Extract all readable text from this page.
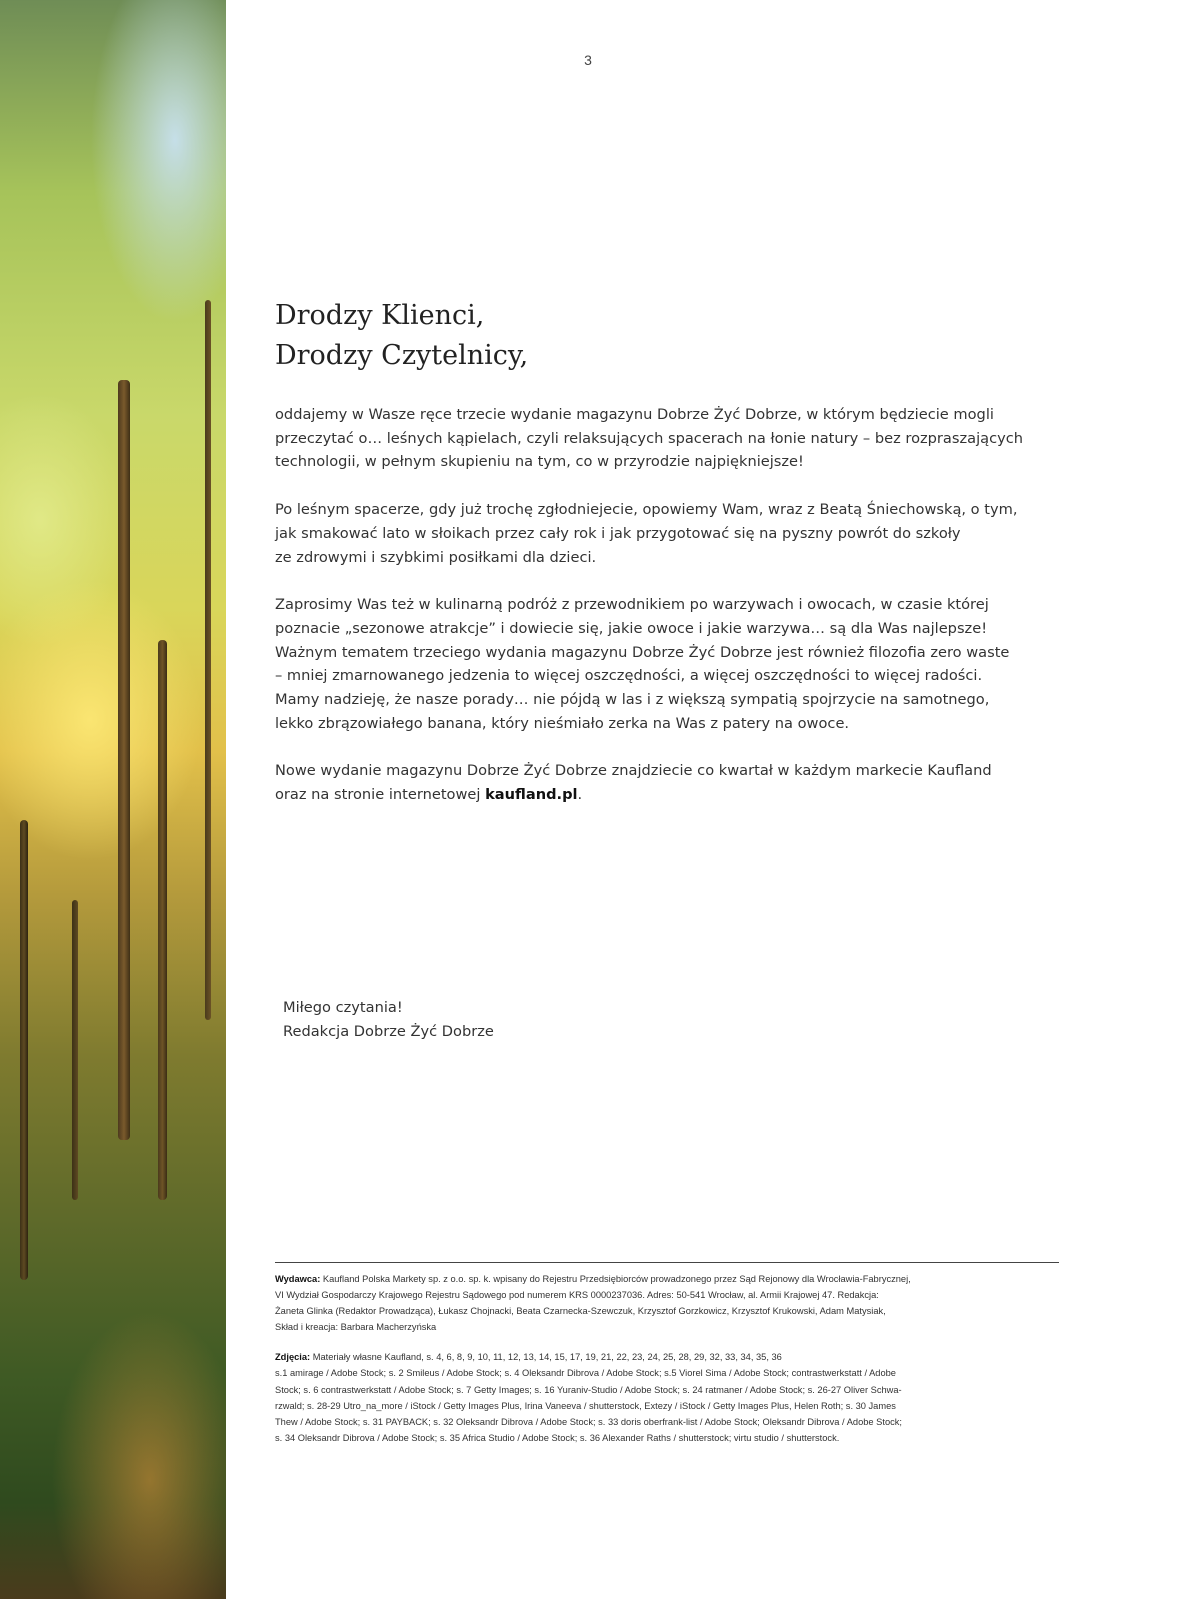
3
Drodzy Klienci,
Drodzy Czytelnicy,

oddajemy w Wasze ręce trzecie wydanie magazynu Dobrze Żyć Dobrze, w którym będziecie mogli
przeczytać o… leśnych kąpielach, czyli relaksujących spacerach na łonie natury – bez rozpraszających
technologii, w pełnym skupieniu na tym, co w przyrodzie najpiękniejsze!

Po leśnym spacerze, gdy już trochę zgłodniejecie, opowiemy Wam, wraz z Beatą Śniechowską, o tym,
jak smakować lato w słoikach przez cały rok i jak przygotować się na pyszny powrót do szkoły
ze zdrowymi i szybkimi posiłkami dla dzieci.

Zaprosimy Was też w kulinarną podróż z przewodnikiem po warzywach i owocach, w czasie której
poznacie „sezonowe atrakcje” i dowiecie się, jakie owoce i jakie warzywa… są dla Was najlepsze!
Ważnym tematem trzeciego wydania magazynu Dobrze Żyć Dobrze jest również filozofia zero waste
– mniej zmarnowanego jedzenia to więcej oszczędności, a więcej oszczędności to więcej radości.
Mamy nadzieję, że nasze porady… nie pójdą w las i z większą sympatią spojrzycie na samotnego,
lekko zbrązowiałego banana, który nieśmiało zerka na Was z patery na owoce.

Nowe wydanie magazynu Dobrze Żyć Dobrze znajdziecie co kwartał w każdym markecie Kaufland
oraz na stronie internetowej kaufland.pl.

Miłego czytania!
Redakcja Dobrze Żyć Dobrze
Wydawca: Kaufland Polska Markety sp. z o.o. sp. k. wpisany do Rejestru Przedsiębiorców prowadzonego przez Sąd Rejonowy dla Wrocławia-Fabrycznej,
VI Wydział Gospodarczy Krajowego Rejestru Sądowego pod numerem KRS 0000237036. Adres: 50-541 Wrocław, al. Armii Krajowej 47. Redakcja:
Żaneta Glinka (Redaktor Prowadząca), Łukasz Chojnacki, Beata Czarnecka-Szewczuk, Krzysztof Gorzkowicz, Krzysztof Krukowski, Adam Matysiak,
Skład i kreacja: Barbara Macherzyńska
Zdjęcia: Materiały własne Kaufland, s. 4, 6, 8, 9, 10, 11, 12, 13, 14, 15, 17, 19, 21, 22, 23, 24, 25, 28, 29, 32, 33, 34, 35, 36
s.1 amirage / Adobe Stock; s. 2 Smileus / Adobe Stock; s. 4 Oleksandr Dibrova / Adobe Stock; s.5 Viorel Sima / Adobe Stock; contrastwerkstatt / Adobe
Stock; s. 6 contrastwerkstatt / Adobe Stock; s. 7 Getty Images; s. 16 Yuraniv-Studio / Adobe Stock; s. 24 ratmaner / Adobe Stock; s. 26-27 Oliver Schwa-
rzwald; s. 28-29 Utro_na_more / iStock / Getty Images Plus, Irina Vaneeva / shutterstock, Extezy / iStock / Getty Images Plus, Helen Roth; s. 30 James
Thew / Adobe Stock; s. 31 PAYBACK; s. 32 Oleksandr Dibrova / Adobe Stock; s. 33 doris oberfrank-list / Adobe Stock; Oleksandr Dibrova / Adobe Stock;
s. 34 Oleksandr Dibrova / Adobe Stock; s. 35 Africa Studio / Adobe Stock; s. 36 Alexander Raths / shutterstock; virtu studio / shutterstock.
